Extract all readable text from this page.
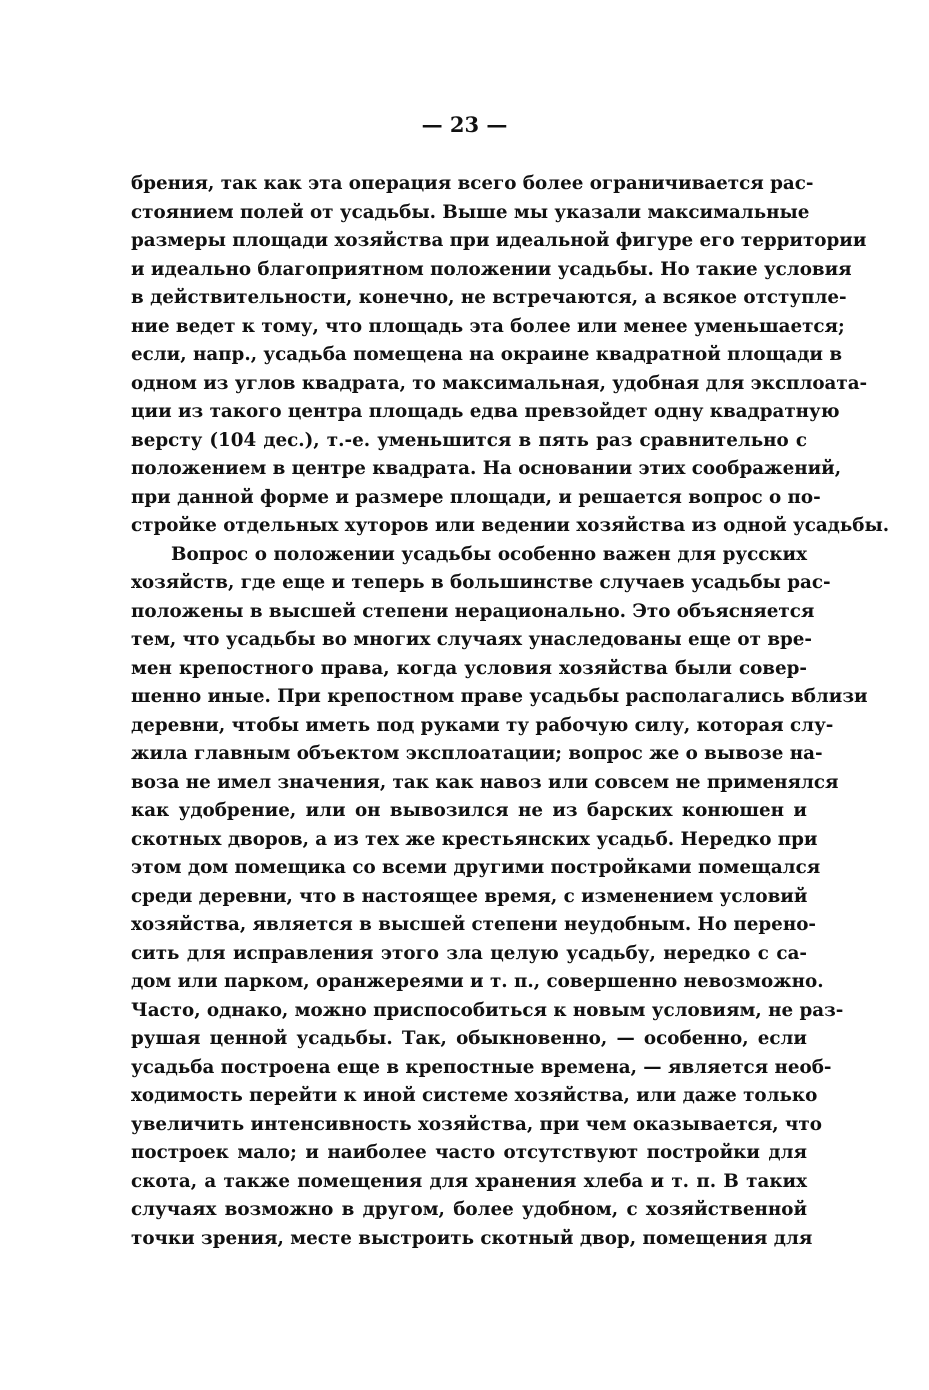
— 23 —

брения, так как эта операция всего более ограничивается рас-
стоянием полей от усадьбы. Выше мы указали максимальные
размеры площади хозяйства при идеальной фигуре его территории
и идеально благоприятном положении усадьбы. Но такие условия
в действительности, конечно, не встречаются, а всякое отступле-
ние ведет к тому, что площадь эта более или менее уменьшается;
если, напр., усадьба помещена на окраине квадратной площади в
одном из углов квадрата, то максимальная, удобная для эксплоата-
ции из такого центра площадь едва превзойдет одну квадратную
версту (104 дес.), т.-е. уменьшится в пять раз сравнительно с
положением в центре квадрата. На основании этих соображений,
при данной форме и размере площади, и решается вопрос о по-
стройке отдельных хуторов или ведении хозяйства из одной усадьбы.
Вопрос о положении усадьбы особенно важен для русских
хозяйств, где еще и теперь в большинстве случаев усадьбы рас-
положены в высшей степени нерационально. Это объясняется
тем, что усадьбы во многих случаях унаследованы еще от вре-
мен крепостного права, когда условия хозяйства были совер-
шенно иные. При крепостном праве усадьбы располагались вблизи
деревни, чтобы иметь под руками ту рабочую силу, которая слу-
жила главным объектом эксплоатации; вопрос же о вывозе на-
воза не имел значения, так как навоз или совсем не применялся
как удобрение, или он вывозился не из барских конюшен и
скотных дворов, а из тех же крестьянских усадьб. Нередко при
этом дом помещика со всеми другими постройками помещался
среди деревни, что в настоящее время, с изменением условий
хозяйства, является в высшей степени неудобным. Но перено-
сить для исправления этого зла целую усадьбу, нередко с са-
дом или парком, оранжереями и т. п., совершенно невозможно.
Часто, однако, можно приспособиться к новым условиям, не раз-
рушая ценной усадьбы. Так, обыкновенно, — особенно, если
усадьба построена еще в крепостные времена, — является необ-
ходимость перейти к иной системе хозяйства, или даже только
увеличить интенсивность хозяйства, при чем оказывается, что
построек мало; и наиболее часто отсутствуют постройки для
скота, а также помещения для хранения хлеба и т. п. В таких
случаях возможно в другом, более удобном, с хозяйственной
точки зрения, месте выстроить скотный двор, помещения для
